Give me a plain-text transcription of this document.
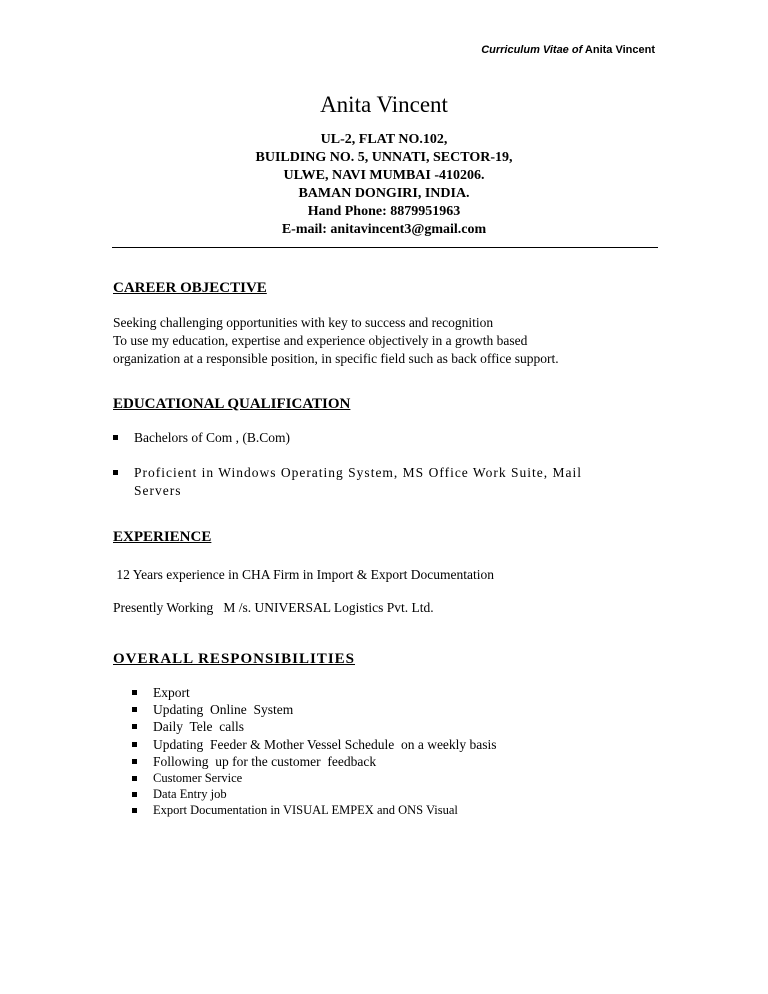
Curriculum Vitae of Anita Vincent
Anita Vincent
UL-2, FLAT NO.102,
BUILDING NO. 5, UNNATI, SECTOR-19,
ULWE, NAVI MUMBAI -410206.
BAMAN DONGIRI, INDIA.
Hand Phone: 8879951963
E-mail: anitavincent3@gmail.com
CAREER OBJECTIVE
Seeking challenging opportunities with key to success and recognition
To use my education, expertise and experience objectively in a growth based
organization at a responsible position, in specific field such as back office support.
EDUCATIONAL QUALIFICATION
Bachelors of Com , (B.Com)
Proficient in Windows Operating System, MS Office Work Suite, Mail Servers
EXPERIENCE
12 Years experience in CHA Firm in Import & Export Documentation
Presently Working   M /s. UNIVERSAL Logistics Pvt. Ltd.
OVERALL RESPONSIBILITIES
Export
Updating  Online  System
Daily  Tele  calls
Updating  Feeder & Mother Vessel Schedule  on a weekly basis
Following  up for the customer  feedback
Customer Service
Data Entry job
Export Documentation in VISUAL EMPEX and ONS Visual
